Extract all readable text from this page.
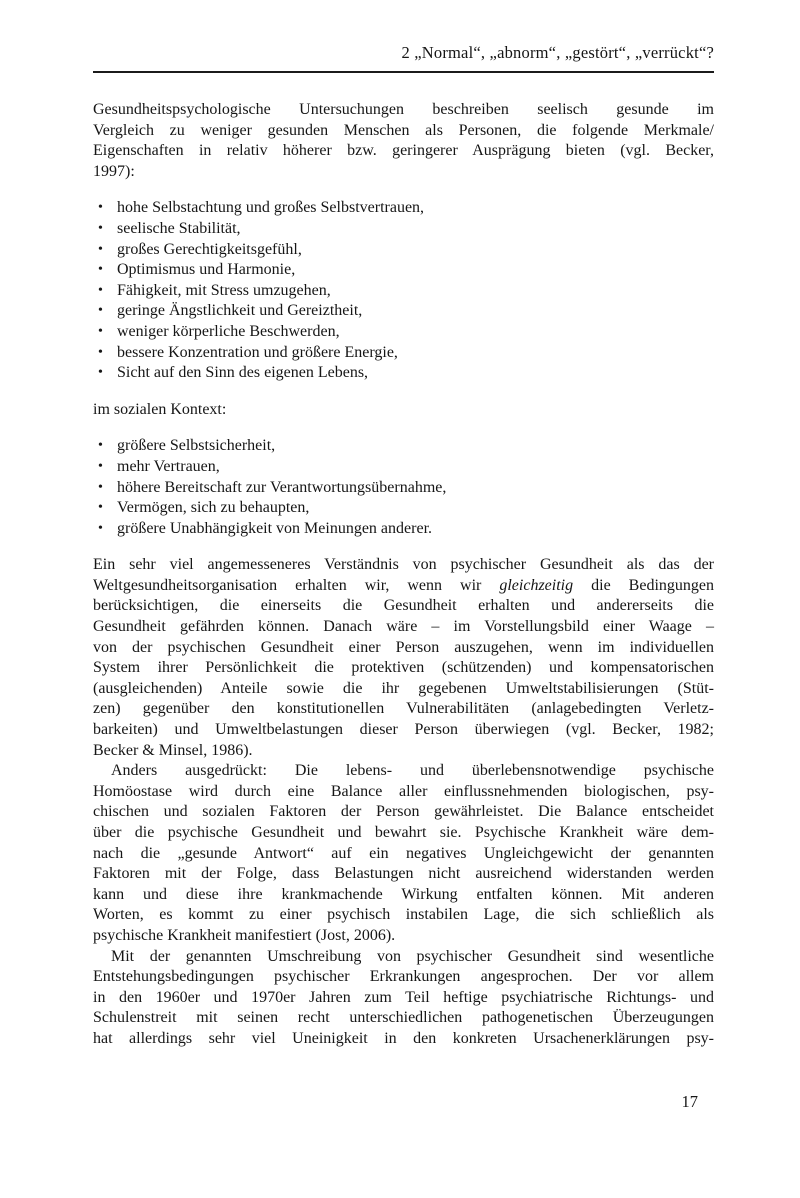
2 „Normal“, „abnorm“, „gestört“, „verrückt“?
Gesundheitspsychologische Untersuchungen beschreiben seelisch gesunde im
Vergleich zu weniger gesunden Menschen als Personen, die folgende Merkmale/
Eigenschaften in relativ höherer bzw. geringerer Ausprägung bieten (vgl. Becker,
1997):
• hohe Selbstachtung und großes Selbstvertrauen,
• seelische Stabilität,
• großes Gerechtigkeitsgefühl,
• Optimismus und Harmonie,
• Fähigkeit, mit Stress umzugehen,
• geringe Ängstlichkeit und Gereiztheit,
• weniger körperliche Beschwerden,
• bessere Konzentration und größere Energie,
• Sicht auf den Sinn des eigenen Lebens,
im sozialen Kontext:
• größere Selbstsicherheit,
• mehr Vertrauen,
• höhere Bereitschaft zur Verantwortungsübernahme,
• Vermögen, sich zu behaupten,
• größere Unabhängigkeit von Meinungen anderer.
Ein sehr viel angemesseneres Verständnis von psychischer Gesundheit als das der
Weltgesundheitsorganisation erhalten wir, wenn wir gleichzeitig die Bedingungen
berücksichtigen, die einerseits die Gesundheit erhalten und andererseits die
Gesundheit gefährden können. Danach wäre – im Vorstellungsbild einer Waage –
von der psychischen Gesundheit einer Person auszugehen, wenn im individuellen
System ihrer Persönlichkeit die protektiven (schützenden) und kompensatorischen
(ausgleichenden) Anteile sowie die ihr gegebenen Umweltstabilisierungen (Stüt-
zen) gegenüber den konstitutionellen Vulnerabilitäten (anlagebedingten Verletz-
barkeiten) und Umweltbelastungen dieser Person überwiegen (vgl. Becker, 1982;
Becker & Minsel, 1986).
Anders ausgedrückt: Die lebens- und überlebensnotwendige psychische
Homöostase wird durch eine Balance aller einflussnehmenden biologischen, psy-
chischen und sozialen Faktoren der Person gewährleistet. Die Balance entscheidet
über die psychische Gesundheit und bewahrt sie. Psychische Krankheit wäre dem-
nach die „gesunde Antwort“ auf ein negatives Ungleichgewicht der genannten
Faktoren mit der Folge, dass Belastungen nicht ausreichend widerstanden werden
kann und diese ihre krankmachende Wirkung entfalten können. Mit anderen
Worten, es kommt zu einer psychisch instabilen Lage, die sich schließlich als
psychische Krankheit manifestiert (Jost, 2006).
Mit der genannten Umschreibung von psychischer Gesundheit sind wesentliche
Entstehungsbedingungen psychischer Erkrankungen angesprochen. Der vor allem
in den 1960er und 1970er Jahren zum Teil heftige psychiatrische Richtungs- und
Schulenstreit mit seinen recht unterschiedlichen pathogenetischen Überzeugungen
hat allerdings sehr viel Uneinigkeit in den konkreten Ursachenerklärungen psy-
17
